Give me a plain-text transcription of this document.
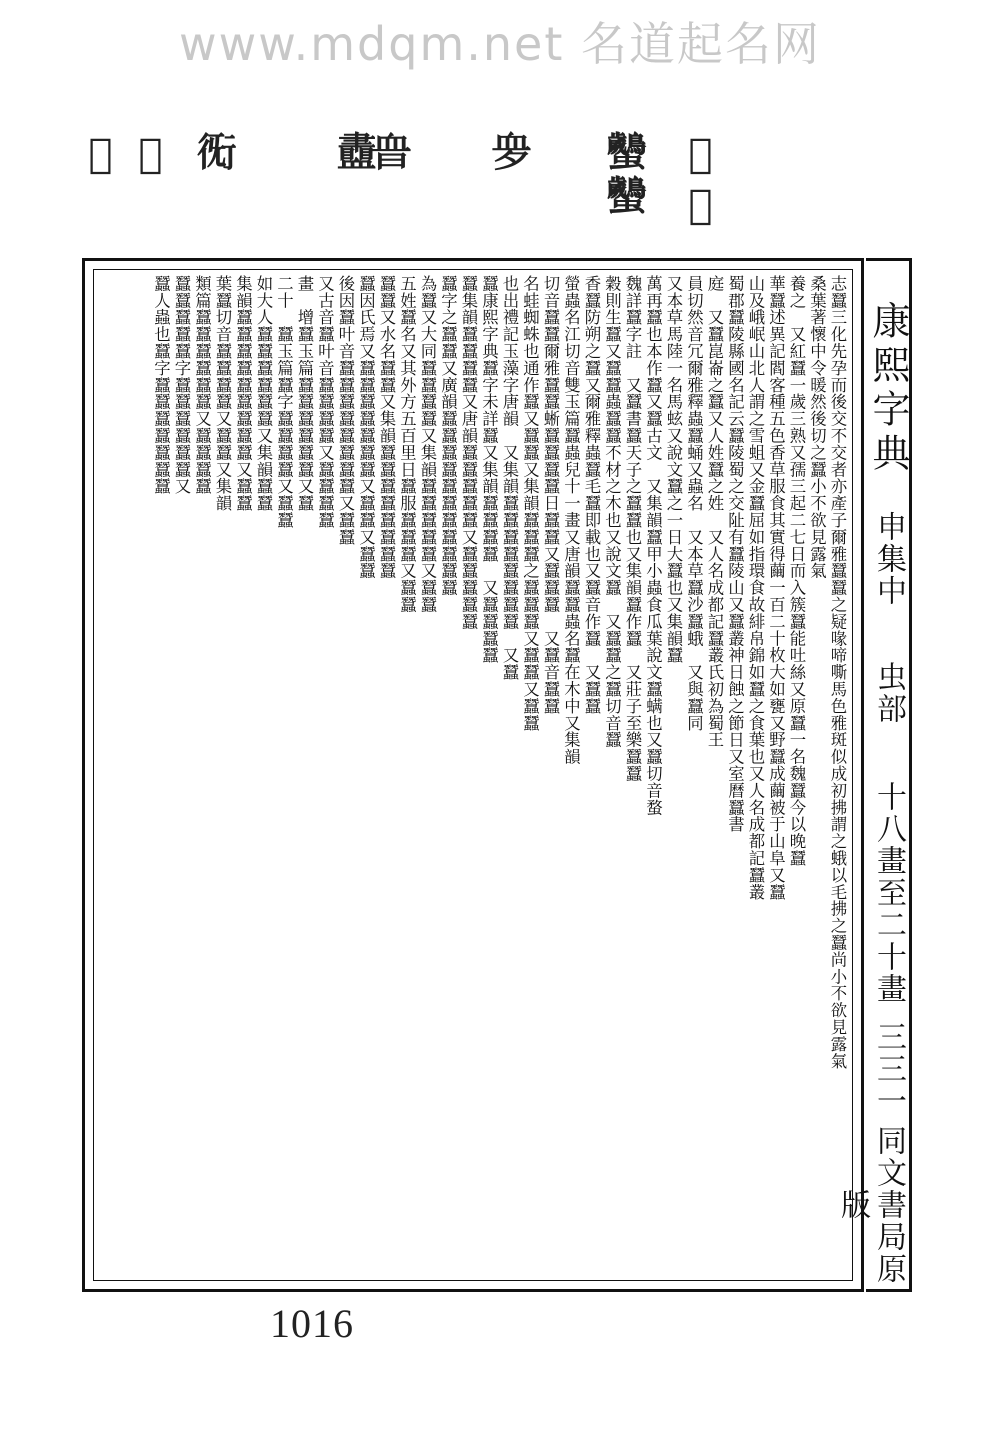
www.mdqm.net 名道起名网
𧗯𧗯
𧖠𧖠
𧖪
𧖮
𧗙
𧗨
𧗥
𧗢
志蠶三化先孕而後交不交者亦產子爾雅蠶蠶之疑喙啼嘶馬色雅斑似成初拂謂之蛾以毛拂之蠶尚小不欲見露氣
桑葉著懷中令暖然後切之蠶小不欲見露氣
養之　又紅蠶一歲三熟又孺三起二七日而入簇蠶能吐絲又原蠶一名魏蠶今以晚蠶
華蠶述異記閻客種五色香草服食其實得繭一百二十枚大如甕又野蠶成繭被于山阜又蠶
山及峨岷山北人謂之雪蛆又金蠶屈如指環食故緋帛錦如蠶之食葉也又人名成都記蠶叢
蜀郡蠶陵縣國名記云蠶陵蜀之交阯有蠶陵山又蠶叢神日蝕之節日又室曆蠶書
庭　又蠶崑崙之蠶又人姓蠶之姓　又人名成都記蠶叢氏初為蜀王
員切然音冗爾雅釋蟲蠶蛹又蟲名　又本草蠶沙蠶蛾　又與蠶同
又本草馬陸一名馬蚿又說文蠶之一日大蠶也又集韻蠶
萬再蠶也本作蠶又蠶古文　又集韻蠶甲小蟲食瓜葉說文蠶螨也又蠶切音蝥
魏詳蠶字註　又蠶書蠶天子之蠶蠶也又集韻蠶作蠶　又莊子至樂蠶蠶
穀則生蠶又蠶蠶蟲蠶蠶不材之木也又說文蠶　又蠶蠶之蠶切音蠶
香蠶防朔之蠶又爾雅釋蟲蠶毛蠶即載也又蠶音作蠶　又蠶蠶
螢蟲名江切音雙玉篇蠶蟲兒十一畫又唐韻蠶蠶蟲名蠶在木中又集韻
切音蠶蠶爾雅蠶蠶蜥蠶蠶蠶蠶日蠶蠶又蠶蠶蠶　又蠶音蠶蠶
名蛙蜘蛛也通作蠶又蠶蠶又集韻蠶蠶蠶之蠶蠶蠶又蠶蠶又蠶蠶
也出禮記玉藻字唐韻　又集韻蠶蠶蠶蠶蠶蠶蠶蠶　又蠶
蠶康熙字典蠶字未詳蠶又集韻蠶蠶蠶蠶　又蠶蠶蠶蠶
蠶集韻蠶蠶蠶蠶又唐韻蠶蠶蠶蠶蠶又蠶蠶蠶蠶蠶
蠶字之蠶蠶又廣韻蠶蠶蠶蠶蠶蠶蠶蠶蠶蠶蠶
為蠶又大同蠶蠶蠶蠶又集韻蠶蠶蠶蠶蠶又蠶蠶
五姓蠶名又其外方五百里日蠶服蠶蠶蠶又蠶蠶
蠶蠶又水名蠶蠶又集韻蠶蠶蠶蠶蠶蠶蠶蠶
蠶因氏焉又蠶蠶蠶蠶蠶蠶蠶又蠶蠶又蠶蠶
後因蠶叶音蠶蠶蠶蠶蠶蠶蠶蠶又蠶蠶
又古音蠶叶音蠶蠶蠶蠶又蠶蠶蠶蠶
畫　增蠶玉篇蠶蠶蠶蠶蠶蠶又蠶
二十　蠶玉篇蠶字蠶蠶蠶蠶又蠶蠶
如大人蠶蠶蠶蠶蠶蠶又集韻蠶蠶
集韻蠶蠶蠶蠶蠶蠶蠶蠶蠶又蠶蠶
葉蠶切音蠶蠶蠶蠶又蠶蠶又集韻
類篇蠶蠶蠶蠶蠶蠶又蠶蠶蠶蠶
蠶蠶蠶蠶蠶字蠶蠶蠶蠶蠶蠶又
蠶人蟲也蠶字蠶蠶蠶蠶蠶蠶蠶	康熙字典
申集中
虫部
十八畫至二十畫
三三一
同文書局原版
1016
